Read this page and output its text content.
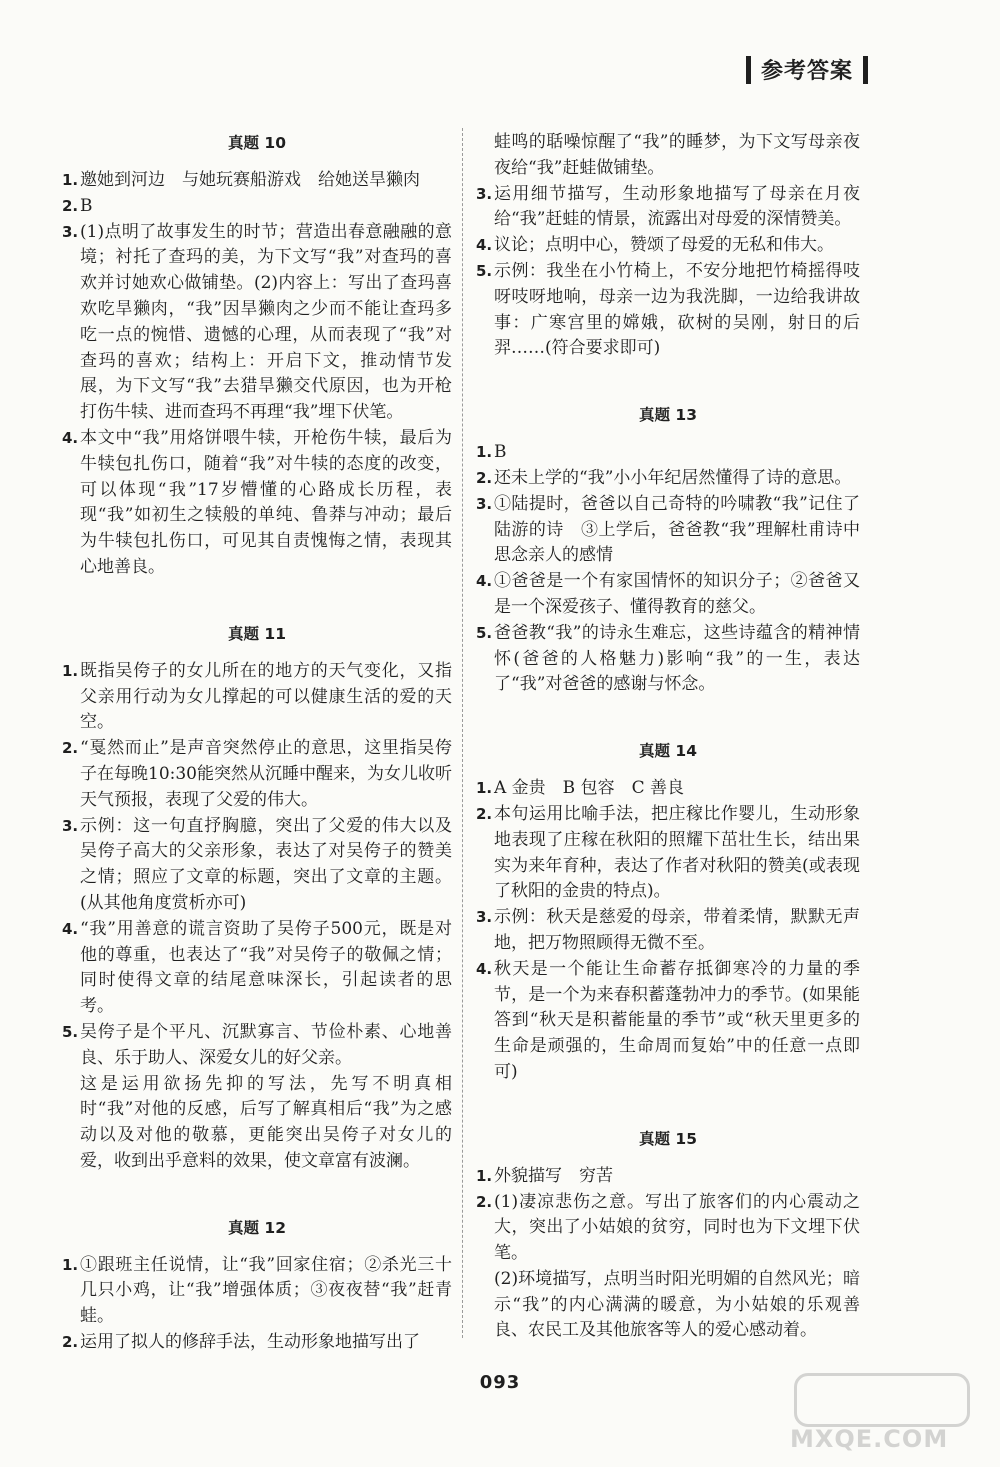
参考答案
真题 10
1. 邀她到河边　与她玩赛船游戏　给她送旱獭肉
2. B
3. (1)点明了故事发生的时节；营造出春意融融的意境；衬托了查玛的美，为下文写“我”对查玛的喜欢并讨她欢心做铺垫。(2)内容上：写出了查玛喜欢吃旱獭肉，“我”因旱獭肉之少而不能让查玛多吃一点的惋惜、遗憾的心理，从而表现了“我”对查玛的喜欢；结构上：开启下文，推动情节发展，为下文写“我”去猎旱獭交代原因，也为开枪打伤牛犊、进而查玛不再理“我”埋下伏笔。
4. 本文中“我”用烙饼喂牛犊，开枪伤牛犊，最后为牛犊包扎伤口，随着“我”对牛犊的态度的改变，可以体现“我”17岁懵懂的心路成长历程，表现“我”如初生之犊般的单纯、鲁莽与冲动；最后为牛犊包扎伤口，可见其自责愧悔之情，表现其心地善良。
真题 11
1. 既指吴侉子的女儿所在的地方的天气变化，又指父亲用行动为女儿撑起的可以健康生活的爱的天空。
2. “戛然而止”是声音突然停止的意思，这里指吴侉子在每晚10:30能突然从沉睡中醒来，为女儿收听天气预报，表现了父爱的伟大。
3. 示例：这一句直抒胸臆，突出了父爱的伟大以及吴侉子高大的父亲形象，表达了对吴侉子的赞美之情；照应了文章的标题，突出了文章的主题。(从其他角度赏析亦可)
4. “我”用善意的谎言资助了吴侉子500元，既是对他的尊重，也表达了“我”对吴侉子的敬佩之情；同时使得文章的结尾意味深长，引起读者的思考。
5. 吴侉子是个平凡、沉默寡言、节俭朴素、心地善良、乐于助人、深爱女儿的好父亲。
这是运用欲扬先抑的写法，先写不明真相时“我”对他的反感，后写了解真相后“我”为之感动以及对他的敬慕，更能突出吴侉子对女儿的爱，收到出乎意料的效果，使文章富有波澜。
真题 12
1. ①跟班主任说情，让“我”回家住宿；②杀光三十几只小鸡，让“我”增强体质；③夜夜替“我”赶青蛙。
2. 运用了拟人的修辞手法，生动形象地描写出了
蛙鸣的聒噪惊醒了“我”的睡梦，为下文写母亲夜夜给“我”赶蛙做铺垫。
3. 运用细节描写，生动形象地描写了母亲在月夜给“我”赶蛙的情景，流露出对母爱的深情赞美。
4. 议论；点明中心，赞颂了母爱的无私和伟大。
5. 示例：我坐在小竹椅上，不安分地把竹椅摇得吱呀吱呀地响，母亲一边为我洗脚，一边给我讲故事：广寒宫里的嫦娥，砍树的吴刚，射日的后羿……(符合要求即可)
真题 13
1. B
2. 还未上学的“我”小小年纪居然懂得了诗的意思。
3. ①陆提时，爸爸以自己奇特的吟啸教“我”记住了陆游的诗　③上学后，爸爸教“我”理解杜甫诗中思念亲人的感情
4. ①爸爸是一个有家国情怀的知识分子；②爸爸又是一个深爱孩子、懂得教育的慈父。
5. 爸爸教“我”的诗永生难忘，这些诗蕴含的精神情怀(爸爸的人格魅力)影响“我”的一生，表达了“我”对爸爸的感谢与怀念。
真题 14
1. A 金贵　B 包容　C 善良
2. 本句运用比喻手法，把庄稼比作婴儿，生动形象地表现了庄稼在秋阳的照耀下茁壮生长，结出果实为来年育种，表达了作者对秋阳的赞美(或表现了秋阳的金贵的特点)。
3. 示例：秋天是慈爱的母亲，带着柔情，默默无声地，把万物照顾得无微不至。
4. 秋天是一个能让生命蓄存抵御寒冷的力量的季节，是一个为来春积蓄蓬勃冲力的季节。(如果能答到“秋天是积蓄能量的季节”或“秋天里更多的生命是顽强的，生命周而复始”中的任意一点即可)
真题 15
1. 外貌描写　穷苦
2. (1)凄凉悲伤之意。写出了旅客们的内心震动之大，突出了小姑娘的贫穷，同时也为下文埋下伏笔。
(2)环境描写，点明当时阳光明媚的自然风光；暗示“我”的内心满满的暖意，为小姑娘的乐观善良、农民工及其他旅客等人的爱心感动着。
093
MXQE.COM
